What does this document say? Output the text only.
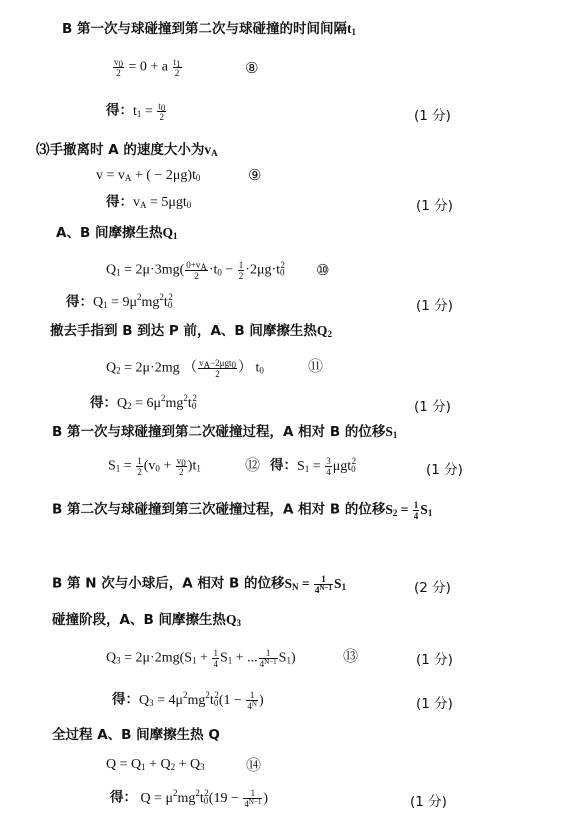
B 第一次与球碰撞到第二次与球碰撞的时间间隔$t_1$
$\frac{v_0}{2} = 0 + a \frac{t_1}{2}$	⑧
得：$t_1 = \frac{t_0}{2}$	(1 分)
⑶手撤离时 A 的速度大小为$v_A$
$v = v_A$ + ( − $2\mu g)t_0$	⑨
得：$v_A = 5\mu gt_0$	(1 分)
A、B 间摩擦生热$Q_1$
$Q_1 = 2\mu\cdot 3mg( \frac{0+v_A}{2} \cdot t_0 - \frac{1}{2} \cdot 2\mu g\cdot t_0^2$ ⑩
得：$Q_1 = 9\mu^2mg^2t_0^2$
(1 分)
撤去手指到 B 到达 P 前，A、B 间摩擦生热$Q_2$
$Q_2 = 2\mu\cdot 2mg$ （ $\frac{v_A-2\mu gt_0}{2}$ ） $t_0$	⑪
得：$Q_2 = 6\mu^2mg^2t_0^2$
(1 分)
B 第一次与球碰撞到第二次碰撞过程，A 相对 B 的位移$S_1$
$S_1 = \frac{1}{2} (v_0 + \frac{v_0}{2} )t_1$	⑫ 得：$S_1 = \frac{3}{4} \mu gt_0^2$
(1 分)
B 第二次与球碰撞到第三次碰撞过程，A 相对 B 的位移$S_2 = \frac{1}{4} S_1$
B 第 N 次与小球后，A 相对 B 的位移$S_N = \frac{1}{4^{N-1}} S_1$	(2 分)
碰撞阶段，A、B 间摩擦生热$Q_3$
$Q_3 = 2\mu\cdot 2mg(S_1 + \frac{1}{4} S_1$ + ... $\frac{1}{4^{N-1}} S_1$)	⑬	(1 分)
得：$Q_3 = 4\mu^2mg^2t_0^2(1 - \frac{1}{4^N}$ )	(1 分)
全过程 A、B 间摩擦生热 Q
$Q = Q_1 + Q_2 + Q_3$	⑭
得： $Q = \mu^2mg^2t_0^2(19 - \frac{1}{4^{N-1}}$ )	(1 分)
